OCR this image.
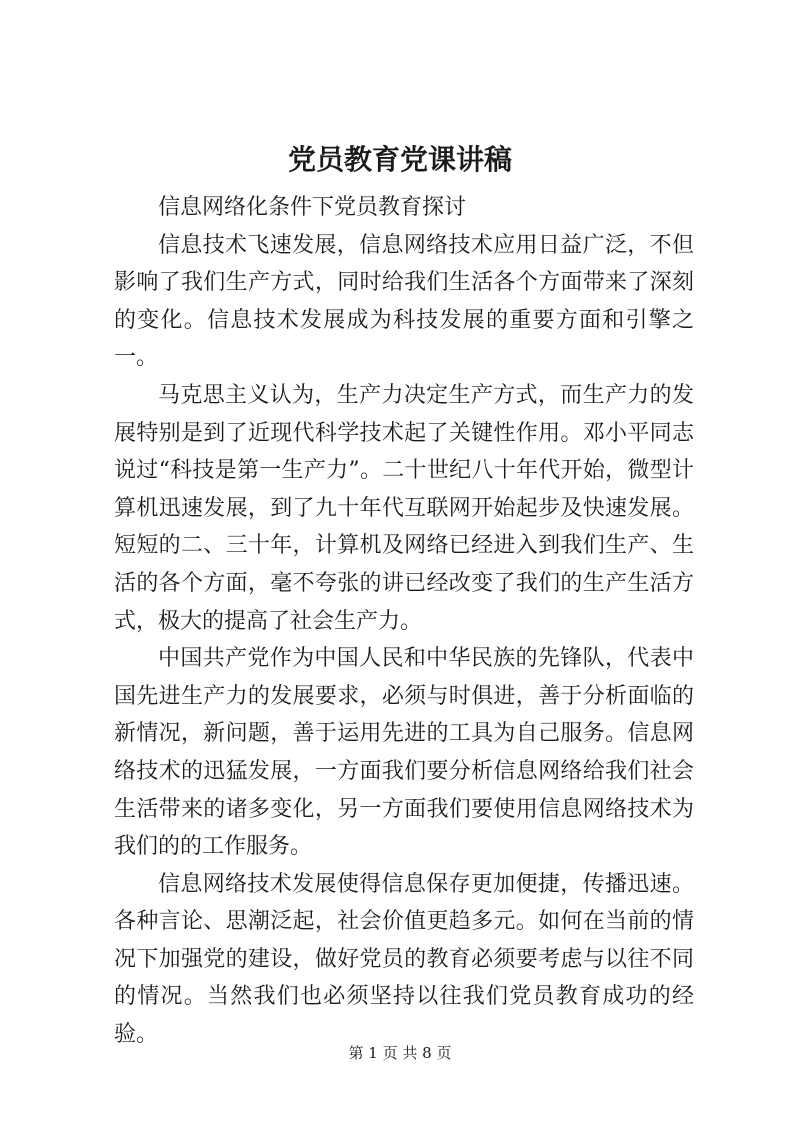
党员教育党课讲稿

信息网络化条件下党员教育探讨

信息技术飞速发展，信息网络技术应用日益广泛，不但影响了我们生产方式，同时给我们生活各个方面带来了深刻的变化。信息技术发展成为科技发展的重要方面和引擎之一。

马克思主义认为，生产力决定生产方式，而生产力的发展特别是到了近现代科学技术起了关键性作用。邓小平同志说过“科技是第一生产力”。二十世纪八十年代开始，微型计算机迅速发展，到了九十年代互联网开始起步及快速发展。短短的二、三十年，计算机及网络已经进入到我们生产、生活的各个方面，毫不夸张的讲已经改变了我们的生产生活方式，极大的提高了社会生产力。

中国共产党作为中国人民和中华民族的先锋队，代表中国先进生产力的发展要求，必须与时俱进，善于分析面临的新情况，新问题，善于运用先进的工具为自己服务。信息网络技术的迅猛发展，一方面我们要分析信息网络给我们社会生活带来的诸多变化，另一方面我们要使用信息网络技术为我们的的工作服务。

信息网络技术发展使得信息保存更加便捷，传播迅速。各种言论、思潮泛起，社会价值更趋多元。如何在当前的情况下加强党的建设，做好党员的教育必须要考虑与以往不同的情况。当然我们也必须坚持以往我们党员教育成功的经验。

第 1 页 共 8 页
